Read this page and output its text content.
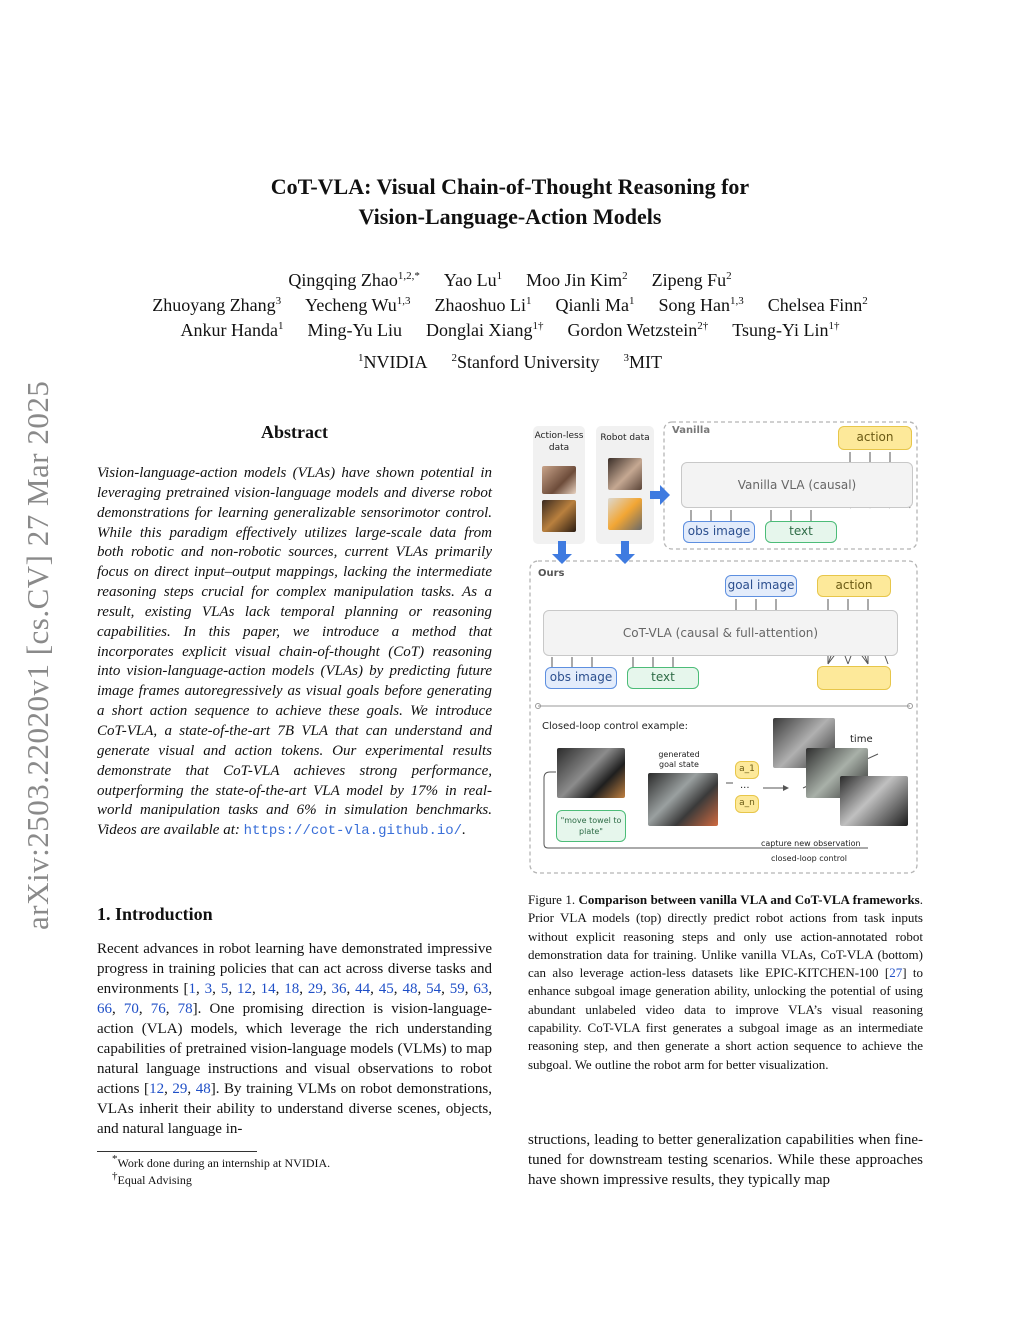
arXiv:2503.22020v1 [cs.CV] 27 Mar 2025
CoT-VLA: Visual Chain-of-Thought Reasoning for
Vision-Language-Action Models
Qingqing Zhao$^{1,2,*}$ Yao Lu$^1$ Moo Jin Kim$^2$ Zipeng Fu$^2$
Zhuoyang Zhang$^3$ Yecheng Wu$^{1,3}$ Zhaoshuo Li$^1$ Qianli Ma$^1$ Song Han$^{1,3}$ Chelsea Finn$^2$
Ankur Handa$^1$ Ming-Yu Liu Donglai Xiang$^{1\dagger}$ Gordon Wetzstein$^{2\dagger}$ Tsung-Yi Lin$^{1\dagger}$
$^1$NVIDIA $^2$Stanford University $^3$MIT
Abstract
Vision-language-action models (VLAs) have shown potential in leveraging pretrained vision-language models and diverse robot demonstrations for learning generalizable sensorimotor control. While this paradigm effectively utilizes large-scale data from both robotic and non-robotic sources, current VLAs primarily focus on direct input–output mappings, lacking the intermediate reasoning steps crucial for complex manipulation tasks. As a result, existing VLAs lack temporal planning or reasoning capabilities. In this paper, we introduce a method that incorporates explicit visual chain-of-thought (CoT) reasoning into vision-language-action models (VLAs) by predicting future image frames autoregressively as visual goals before generating a short action sequence to achieve these goals. We introduce CoT-VLA, a state-of-the-art 7B VLA that can understand and generate visual and action tokens. Our experimental results demonstrate that CoT-VLA achieves strong performance, outperforming the state-of-the-art VLA model by 17% in real-world manipulation tasks and 6% in simulation benchmarks. Videos are available at: https://cot-vla.github.io/.
1. Introduction
Recent advances in robot learning have demonstrated impressive progress in training policies that can act across diverse tasks and environments [1, 3, 5, 12, 14, 18, 29, 36, 44, 45, 48, 54, 59, 63, 66, 70, 76, 78]. One promising direction is vision-language-action (VLA) models, which leverage the rich understanding capabilities of pretrained vision-language models (VLMs) to map natural language instructions and visual observations to robot actions [12, 29, 48]. By training VLMs on robot demonstrations, VLAs inherit their ability to understand diverse scenes, objects, and natural language in-
*Work done during an internship at NVIDIA.
†Equal Advising
Action-less
data
Robot data
Vanilla	action
Vanilla VLA (causal)
obs image	text
Ours
goal image	action
CoT-VLA (causal & full-attention)
obs image	text
Closed-loop control example:
generated
goal state	a_1
...
a_n
time
"move towel to
plate"
capture new observation
closed-loop control
Figure 1. Comparison between vanilla VLA and CoT-VLA frameworks. Prior VLA models (top) directly predict robot actions from task inputs without explicit reasoning steps and only use action-annotated robot demonstration data for training. Unlike vanilla VLAs, CoT-VLA (bottom) can also leverage action-less datasets like EPIC-KITCHEN-100 [27] to enhance subgoal image generation ability, unlocking the potential of using abundant unlabeled video data to improve VLA’s visual reasoning capability. CoT-VLA first generates a subgoal image as an intermediate reasoning step, and then generate a short action sequence to achieve the subgoal. We outline the robot arm for better visualization.
structions, leading to better generalization capabilities when fine-tuned for downstream testing scenarios. While these approaches have shown impressive results, they typically map
